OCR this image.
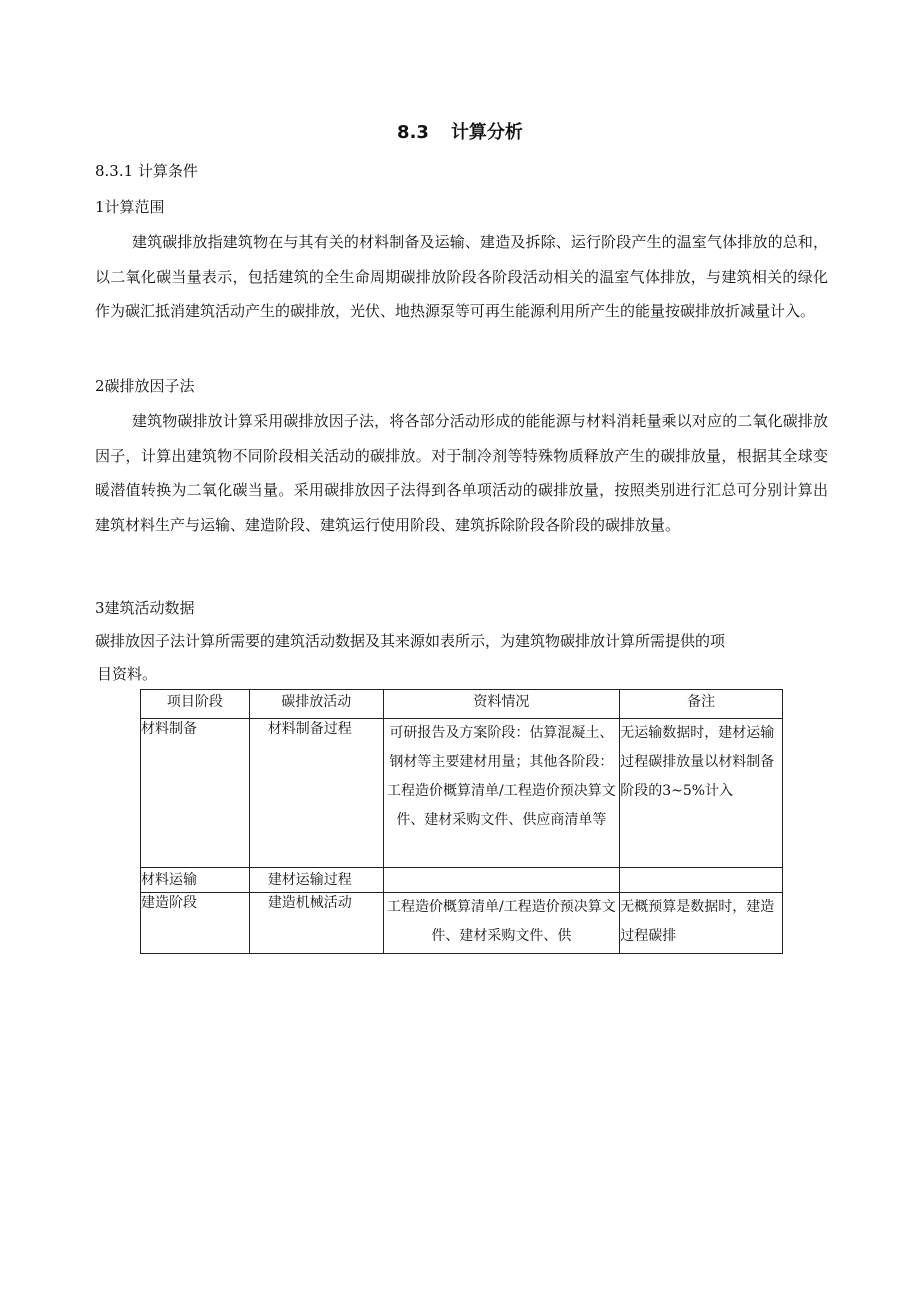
8.3 计算分析
8.3.1 计算条件
1计算范围

建筑碳排放指建筑物在与其有关的材料制备及运输、建造及拆除、运行阶段产生的温室气体排放的总和，以二氧化碳当量表示，包括建筑的全生命周期碳排放阶段各阶段活动相关的温室气体排放，与建筑相关的绿化作为碳汇抵消建筑活动产生的碳排放，光伏、地热源泵等可再生能源利用所产生的能量按碳排放折减量计入。

2碳排放因子法

建筑物碳排放计算采用碳排放因子法，将各部分活动形成的能能源与材料消耗量乘以对应的二氧化碳排放因子，计算出建筑物不同阶段相关活动的碳排放。对于制冷剂等特殊物质释放产生的碳排放量，根据其全球变暖潜值转换为二氧化碳当量。采用碳排放因子法得到各单项活动的碳排放量，按照类别进行汇总可分别计算出建筑材料生产与运输、建造阶段、建筑运行使用阶段、建筑拆除阶段各阶段的碳排放量。

3建筑活动数据
碳排放因子法计算所需要的建筑活动数据及其来源如表所示，为建筑物碳排放计算所需提供的项
目资料。
项目阶段	碳排放活动	资料情况	备注
材料制备	材料制备过程	可研报告及方案阶段：估算混凝土、钢材等主要建材用量；其他各阶段：工程造价概算清单/工程造价预决算文件、建材采购文件、供应商清单等	无运输数据时，建材运输过程碳排放量以材料制备阶段的3~5%计入
材料运输	建材运输过程		
建造阶段	建造机械活动	工程造价概算清单/工程造价预决算文件、建材采购文件、供	无概预算是数据时，建造过程碳排
